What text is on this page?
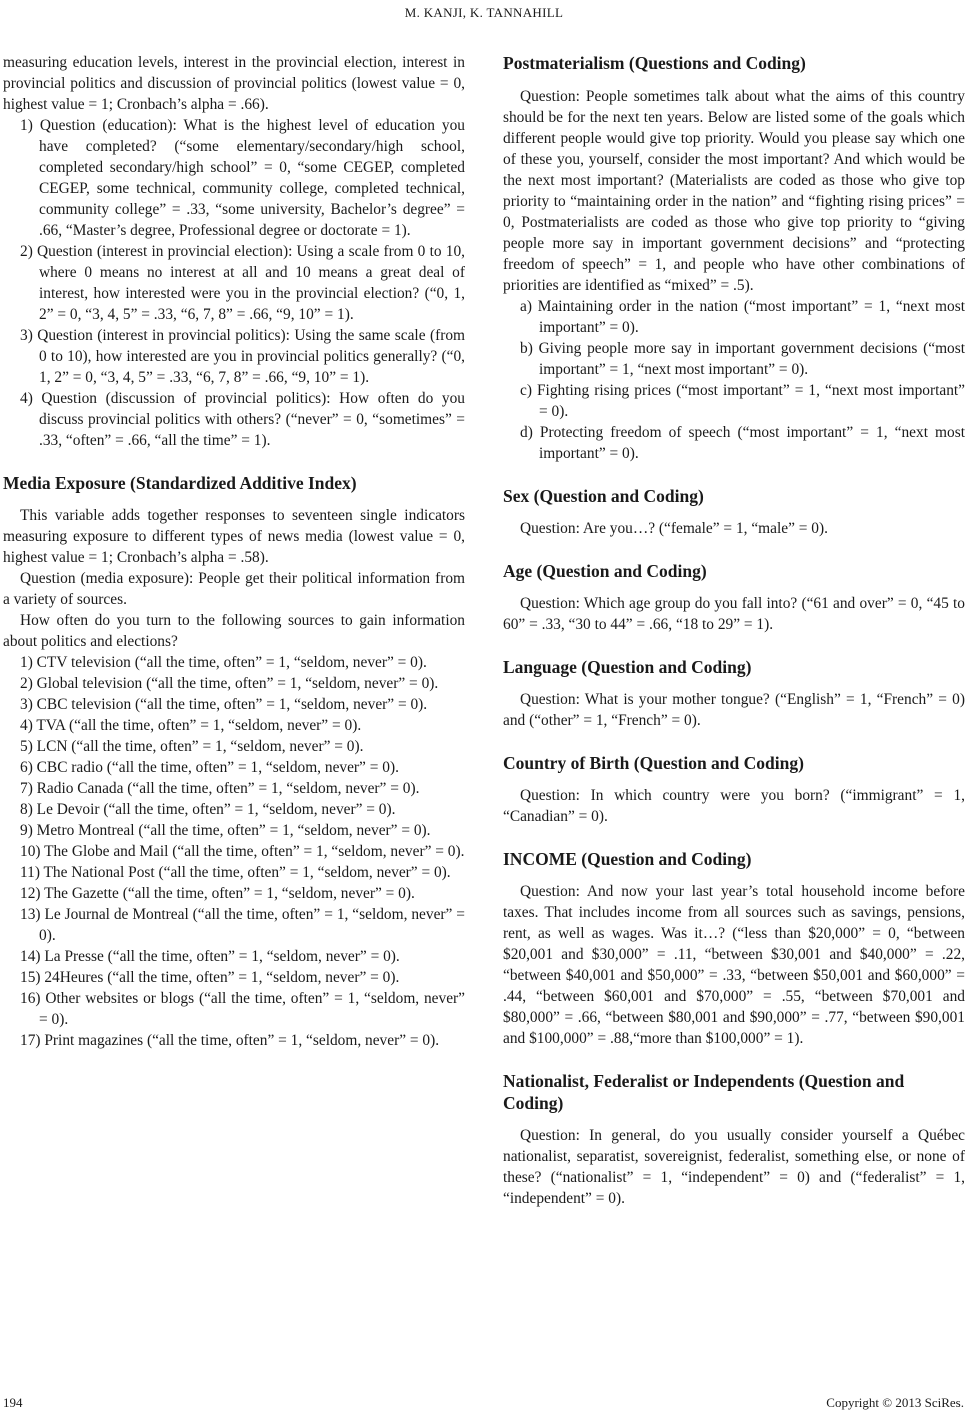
M. KANJI, K. TANNAHILL

measuring education levels, interest in the provincial election, interest in provincial politics and discussion of provincial politics (lowest value = 0, highest value = 1; Cronbach’s alpha = .66).

1) Question (education): What is the highest level of education you have completed? (“some elementary/secondary/high school, completed secondary/high school” = 0, “some CEGEP, completed CEGEP, some technical, community college, completed technical, community college” = .33, “some university, Bachelor’s degree” = .66, “Master’s degree, Professional degree or doctorate = 1).

2) Question (interest in provincial election): Using a scale from 0 to 10, where 0 means no interest at all and 10 means a great deal of interest, how interested were you in the provincial election? (“0, 1, 2” = 0, “3, 4, 5” = .33, “6, 7, 8” = .66, “9, 10” = 1).

3) Question (interest in provincial politics): Using the same scale (from 0 to 10), how interested are you in provincial politics generally? (“0, 1, 2” = 0, “3, 4, 5” = .33, “6, 7, 8” = .66, “9, 10” = 1).

4) Question (discussion of provincial politics): How often do you discuss provincial politics with others? (“never” = 0, “sometimes” = .33, “often” = .66, “all the time” = 1).

Media Exposure (Standardized Additive Index)

This variable adds together responses to seventeen single indicators measuring exposure to different types of news media (lowest value = 0, highest value = 1; Cronbach’s alpha = .58).

Question (media exposure): People get their political information from a variety of sources.

How often do you turn to the following sources to gain information about politics and elections?

1) CTV television (“all the time, often” = 1, “seldom, never” = 0).

2) Global television (“all the time, often” = 1, “seldom, never” = 0).

3) CBC television (“all the time, often” = 1, “seldom, never” = 0).

4) TVA (“all the time, often” = 1, “seldom, never” = 0).

5) LCN (“all the time, often” = 1, “seldom, never” = 0).

6) CBC radio (“all the time, often” = 1, “seldom, never” = 0).

7) Radio Canada (“all the time, often” = 1, “seldom, never” = 0).

8) Le Devoir (“all the time, often” = 1, “seldom, never” = 0).

9) Metro Montreal (“all the time, often” = 1, “seldom, never” = 0).

10) The Globe and Mail (“all the time, often” = 1, “seldom, never” = 0).

11) The National Post (“all the time, often” = 1, “seldom, never” = 0).

12) The Gazette (“all the time, often” = 1, “seldom, never” = 0).

13) Le Journal de Montreal (“all the time, often” = 1, “seldom, never” = 0).

14) La Presse (“all the time, often” = 1, “seldom, never” = 0).

15) 24Heures (“all the time, often” = 1, “seldom, never” = 0).

16) Other websites or blogs (“all the time, often” = 1, “seldom, never” = 0).

17) Print magazines (“all the time, often” = 1, “seldom, never” = 0).

Postmaterialism (Questions and Coding)

Question: People sometimes talk about what the aims of this country should be for the next ten years. Below are listed some of the goals which different people would give top priority. Would you please say which one of these you, yourself, consider the most important? And which would be the next most important? (Materialists are coded as those who give top priority to “maintaining order in the nation” and “fighting rising prices” = 0, Postmaterialists are coded as those who give top priority to “giving people more say in important government decisions” and “protecting freedom of speech” = 1, and people who have other combinations of priorities are identified as “mixed” = .5).

a) Maintaining order in the nation (“most important” = 1, “next most important” = 0).

b) Giving people more say in important government decisions (“most important” = 1, “next most important” = 0).

c) Fighting rising prices (“most important” = 1, “next most important” = 0).

d) Protecting freedom of speech (“most important” = 1, “next most important” = 0).

Sex (Question and Coding)

Question: Are you…? (“female” = 1, “male” = 0).

Age (Question and Coding)

Question: Which age group do you fall into? (“61 and over” = 0, “45 to 60” = .33, “30 to 44” = .66, “18 to 29” = 1).

Language (Question and Coding)

Question: What is your mother tongue? (“English” = 1, “French” = 0) and (“other” = 1, “French” = 0).

Country of Birth (Question and Coding)

Question: In which country were you born? (“immigrant” = 1, “Canadian” = 0).

INCOME (Question and Coding)

Question: And now your last year’s total household income before taxes. That includes income from all sources such as savings, pensions, rent, as well as wages. Was it…? (“less than $20,000” = 0, “between $20,001 and $30,000” = .11, “between $30,001 and $40,000” = .22, “between $40,001 and $50,000” = .33, “between $50,001 and $60,000” = .44, “between $60,001 and $70,000” = .55, “between $70,001 and $80,000” = .66, “between $80,001 and $90,000” = .77, “between $90,001 and $100,000” = .88,“more than $100,000” = 1).

Nationalist, Federalist or Independents (Question and Coding)

Question: In general, do you usually consider yourself a Québec nationalist, separatist, sovereignist, federalist, something else, or none of these? (“nationalist” = 1, “independent” = 0) and (“federalist” = 1, “independent” = 0).

194	Copyright © 2013 SciRes.
